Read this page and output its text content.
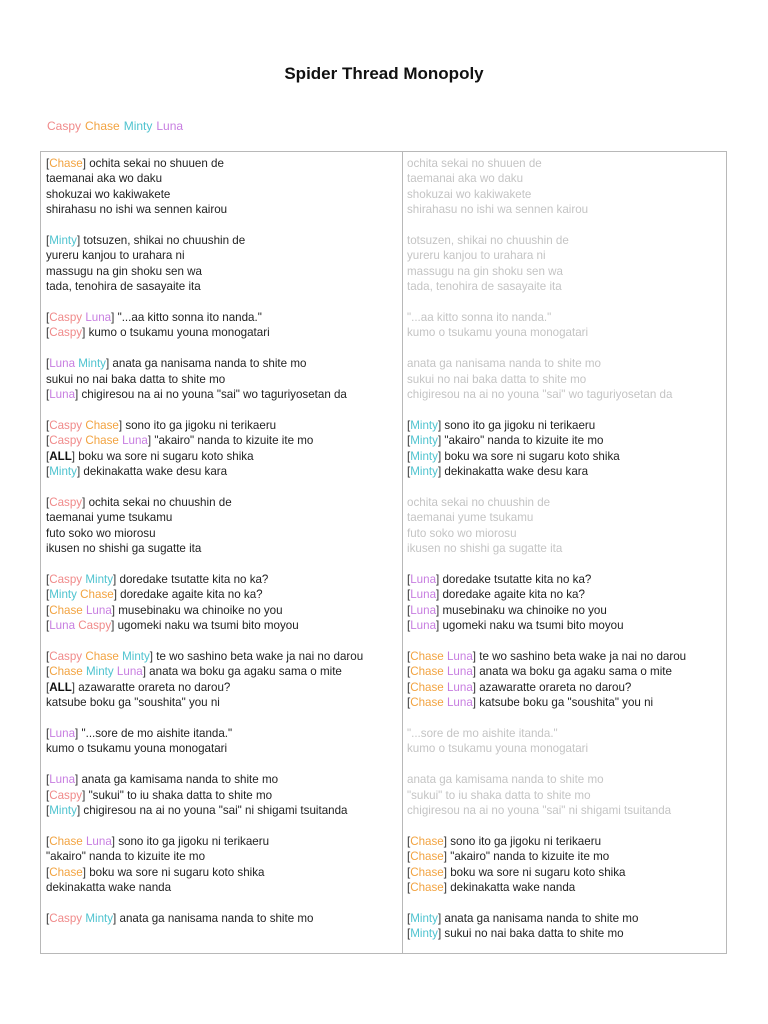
Spider Thread Monopoly
Caspy Chase Minty Luna
[Chase] ochita sekai no shuuen de
taemanai aka wo daku
shokuzai wo kakiwakete
shirahasu no ishi wa sennen kairou
[Minty] totsuzen, shikai no chuushin de
yureru kanjou to urahara ni
massugu na gin shoku sen wa
tada, tenohira de sasayaite ita
[Caspy Luna] "...aa kitto sonna ito nanda."
[Caspy] kumo o tsukamu youna monogatari
[Luna Minty] anata ga nanisama nanda to shite mo
sukui no nai baka datta to shite mo
[Luna] chigiresou na ai no youna "sai" wo taguriyosetan da
[Caspy Chase] sono ito ga jigoku ni terikaeru
[Caspy Chase Luna] "akairo" nanda to kizuite ite mo
[ALL] boku wa sore ni sugaru koto shika
[Minty] dekinakatta wake desu kara
[Caspy] ochita sekai no chuushin de
taemanai yume tsukamu
futo soko wo miorosu
ikusen no shishi ga sugatte ita
[Caspy Minty] doredake tsutatte kita no ka?
[Minty Chase] doredake agaite kita no ka?
[Chase Luna] musebinaku wa chinoike no you
[Luna Caspy] ugomeki naku wa tsumi bito moyou
[Caspy Chase Minty] te wo sashino beta wake ja nai no darou
[Chase Minty Luna] anata wa boku ga agaku sama o mite
[ALL] azawaratte orareta no darou?
katsube boku ga "soushita" you ni
[Luna] "...sore de mo aishite itanda."
kumo o tsukamu youna monogatari
[Luna] anata ga kamisama nanda to shite mo
[Caspy] "sukui" to iu shaka datta to shite mo
[Minty] chigiresou na ai no youna "sai" ni shigami tsuitanda
[Chase Luna] sono ito ga jigoku ni terikaeru
"akairo" nanda to kizuite ite mo
[Chase] boku wa sore ni sugaru koto shika
dekinakatta wake nanda
[Caspy Minty] anata ga nanisama nanda to shite mo
ochita sekai no shuuen de
taemanai aka wo daku
shokuzai wo kakiwakete
shirahasu no ishi wa sennen kairou
totsuzen, shikai no chuushin de
yureru kanjou to urahara ni
massugu na gin shoku sen wa
tada, tenohira de sasayaite ita
"...aa kitto sonna ito nanda."
kumo o tsukamu youna monogatari
anata ga nanisama nanda to shite mo
sukui no nai baka datta to shite mo
chigiresou na ai no youna "sai" wo taguriyosetan da
[Minty] sono ito ga jigoku ni terikaeru
[Minty] "akairo" nanda to kizuite ite mo
[Minty] boku wa sore ni sugaru koto shika
[Minty] dekinakatta wake desu kara
ochita sekai no chuushin de
taemanai yume tsukamu
futo soko wo miorosu
ikusen no shishi ga sugatte ita
[Luna] doredake tsutatte kita no ka?
[Luna] doredake agaite kita no ka?
[Luna] musebinaku wa chinoike no you
[Luna] ugomeki naku wa tsumi bito moyou
[Chase Luna] te wo sashino beta wake ja nai no darou
[Chase Luna] anata wa boku ga agaku sama o mite
[Chase Luna] azawaratte orareta no darou?
[Chase Luna] katsube boku ga "soushita" you ni
"...sore de mo aishite itanda."
kumo o tsukamu youna monogatari
anata ga kamisama nanda to shite mo
"sukui" to iu shaka datta to shite mo
chigiresou na ai no youna "sai" ni shigami tsuitanda
[Chase] sono ito ga jigoku ni terikaeru
[Chase] "akairo" nanda to kizuite ite mo
[Chase] boku wa sore ni sugaru koto shika
[Chase] dekinakatta wake nanda
[Minty] anata ga nanisama nanda to shite mo
[Minty] sukui no nai baka datta to shite mo
